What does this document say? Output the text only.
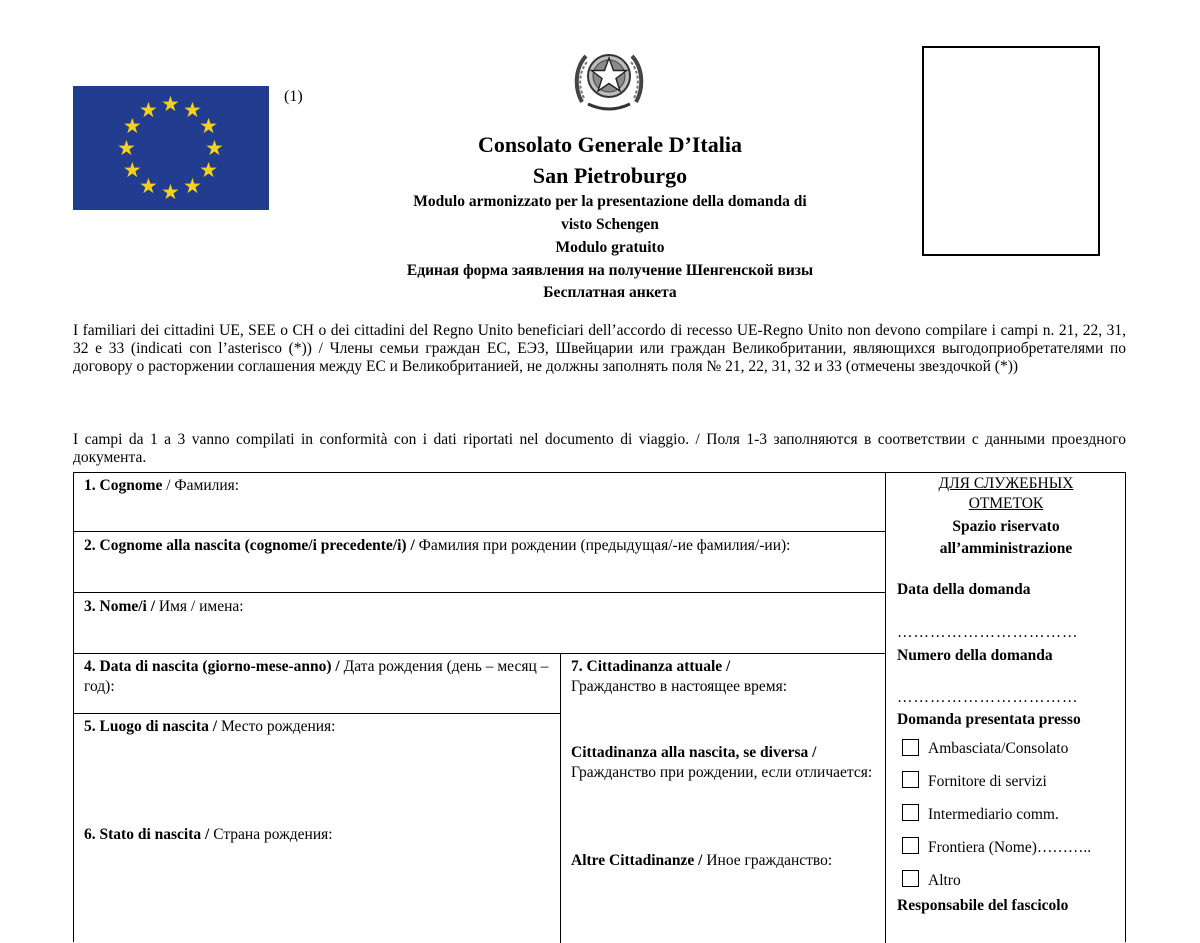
★ ★
★
★
★
★
★
★
★
★
★
★
(1)
Consolato Generale D’Italia
San Pietroburgo
Modulo armonizzato per la presentazione della domanda di
visto Schengen
Modulo gratuito
Единая форма заявления на получение Шенгенской визы
Бесплатная анкета
I familiari dei cittadini UE, SEE o CH o dei cittadini del Regno Unito beneficiari dell’accordo di recesso UE-Regno Unito non devono compilare i campi n. 21, 22, 31, 32 e 33 (indicati con l’asterisco (*)) / Члены семьи граждан ЕС, ЕЭЗ, Швейцарии или граждан Великобритании, являющихся выгодоприобретателями по договору о расторжении соглашения между ЕС и Великобританией, не должны заполнять поля № 21, 22, 31, 32 и 33 (отмечены звездочкой (*))
I campi da 1 a 3 vanno compilati in conformità con i dati riportati nel documento di viaggio. / Поля 1-3 заполняются в соответствии с данными проездного документа.
1. Cognome / Фамилия:
2. Cognome alla nascita (cognome/i precedente/i) / Фамилия при рождении (предыдущая/-ие фамилия/-ии):
3. Nome/i / Имя / имена:
4. Data di nascita (giorno-mese-anno) / Дата рождения (день – месяц – год):
5. Luogo di nascita / Место рождения:
6. Stato di nascita / Страна рождения:
7. Cittadinanza attuale /
Гражданство в настоящее время:
Cittadinanza alla nascita, se diversa /
Гражданство при рождении, если отличается:
Altre Cittadinanze / Иное гражданство:
ДЛЯ СЛУЖЕБНЫХ
ОТМЕТОК
Spazio riservato
all’amministrazione
Data della domanda
……………………………
Numero della domanda
……………………………
Domanda presentata presso
Ambasciata/Consolato
Fornitore di servizi
Intermediario comm.
Frontiera (Nome)………..
Altro
Responsabile del fascicolo
